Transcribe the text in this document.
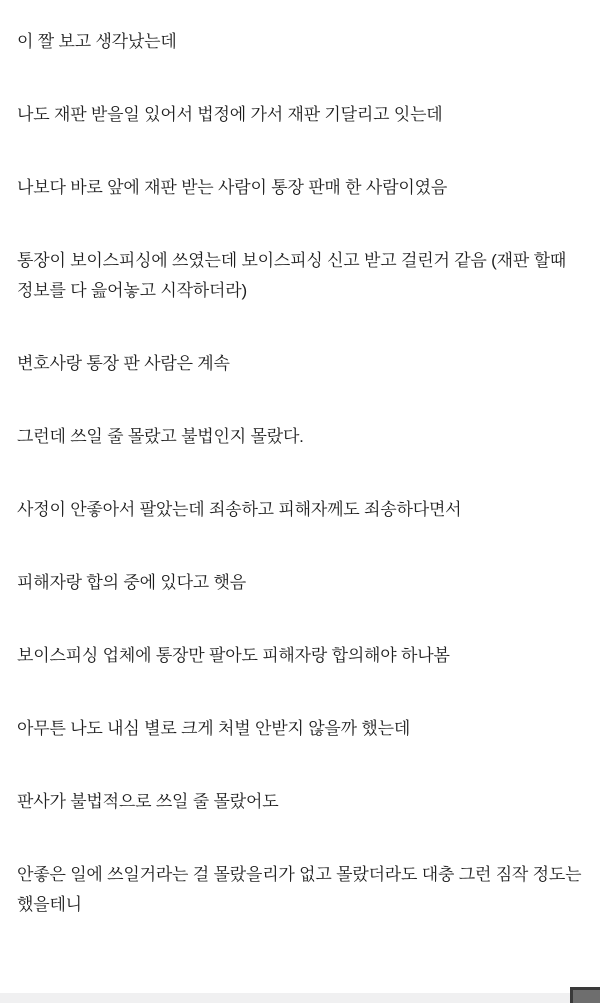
이 짤 보고 생각났는데

나도 재판 받을일 있어서 법정에 가서 재판 기달리고 잇는데

나보다 바로 앞에 재판 받는 사람이 통장 판매 한 사람이였음

통장이 보이스피싱에 쓰였는데 보이스피싱 신고 받고 걸린거 같음 (재판 할때 정보를 다 읊어놓고 시작하더라)

변호사랑 통장 판 사람은 계속

그런데 쓰일 줄 몰랐고 불법인지 몰랐다.

사정이 안좋아서 팔았는데 죄송하고 피해자께도 죄송하다면서

피해자랑 합의 중에 있다고 햇음

보이스피싱 업체에 통장만 팔아도 피해자랑 합의해야 하나봄

아무튼 나도 내심 별로 크게 처벌 안받지 않을까 했는데

판사가 불법적으로 쓰일 줄 몰랐어도

안좋은 일에 쓰일거라는 걸 몰랐을리가 없고 몰랐더라도 대충 그런 짐작 정도는 했을테니
